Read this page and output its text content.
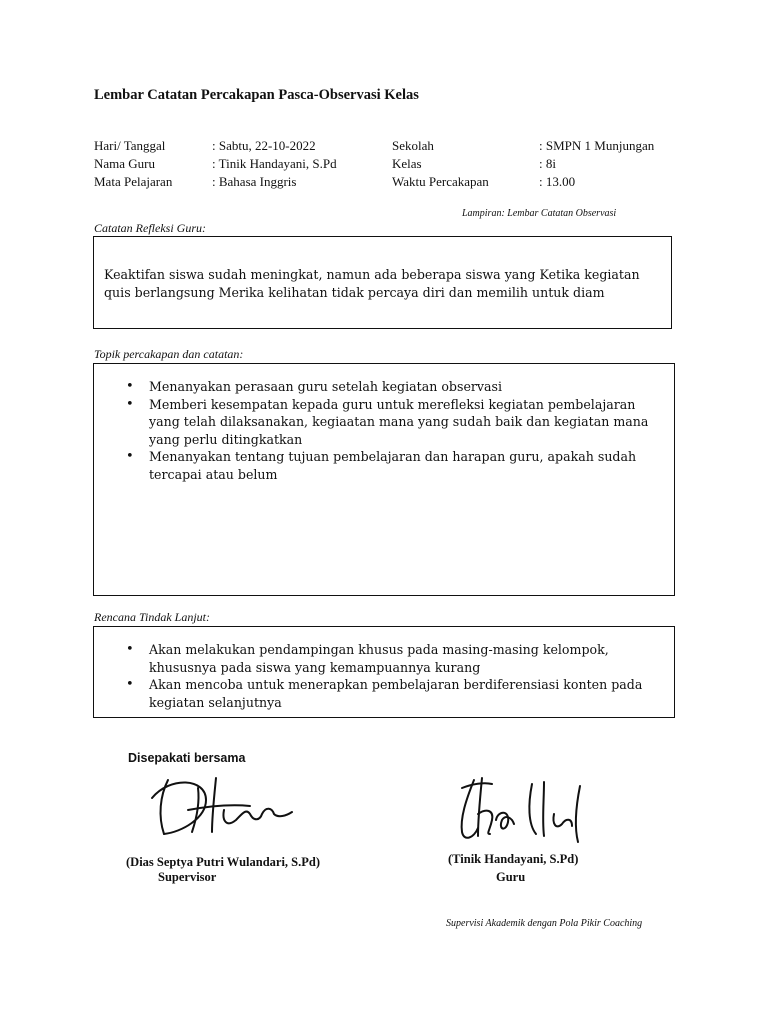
Lembar Catatan Percakapan Pasca-Observasi Kelas
Hari/ Tanggal	: Sabtu, 22-10-2022	Sekolah	: SMPN 1 Munjungan
Nama Guru	: Tinik Handayani, S.Pd	Kelas	: 8i
Mata Pelajaran	: Bahasa Inggris	Waktu Percakapan	: 13.00
Lampiran: Lembar Catatan Observasi
Catatan Refleksi Guru:
Keaktifan siswa sudah meningkat, namun ada beberapa siswa yang Ketika kegiatan quis berlangsung Merika kelihatan tidak percaya diri dan memilih untuk diam
Topik percakapan dan catatan:
• Menanyakan perasaan guru setelah kegiatan observasi
• Memberi kesempatan kepada guru untuk merefleksi kegiatan pembelajaran yang telah dilaksanakan, kegiaatan mana yang sudah baik dan kegiatan mana yang perlu ditingkatkan
• Menanyakan tentang tujuan pembelajaran dan harapan guru, apakah sudah tercapai atau belum
Rencana Tindak Lanjut:
• Akan melakukan pendampingan khusus pada masing-masing kelompok, khususnya pada siswa yang kemampuannya kurang
• Akan mencoba untuk menerapkan pembelajaran berdiferensiasi konten pada kegiatan selanjutnya
Disepakati bersama
(Dias Septya Putri Wulandari, S.Pd)
Supervisor
(Tinik Handayani, S.Pd)
Guru
Supervisi Akademik dengan Pola Pikir Coaching
